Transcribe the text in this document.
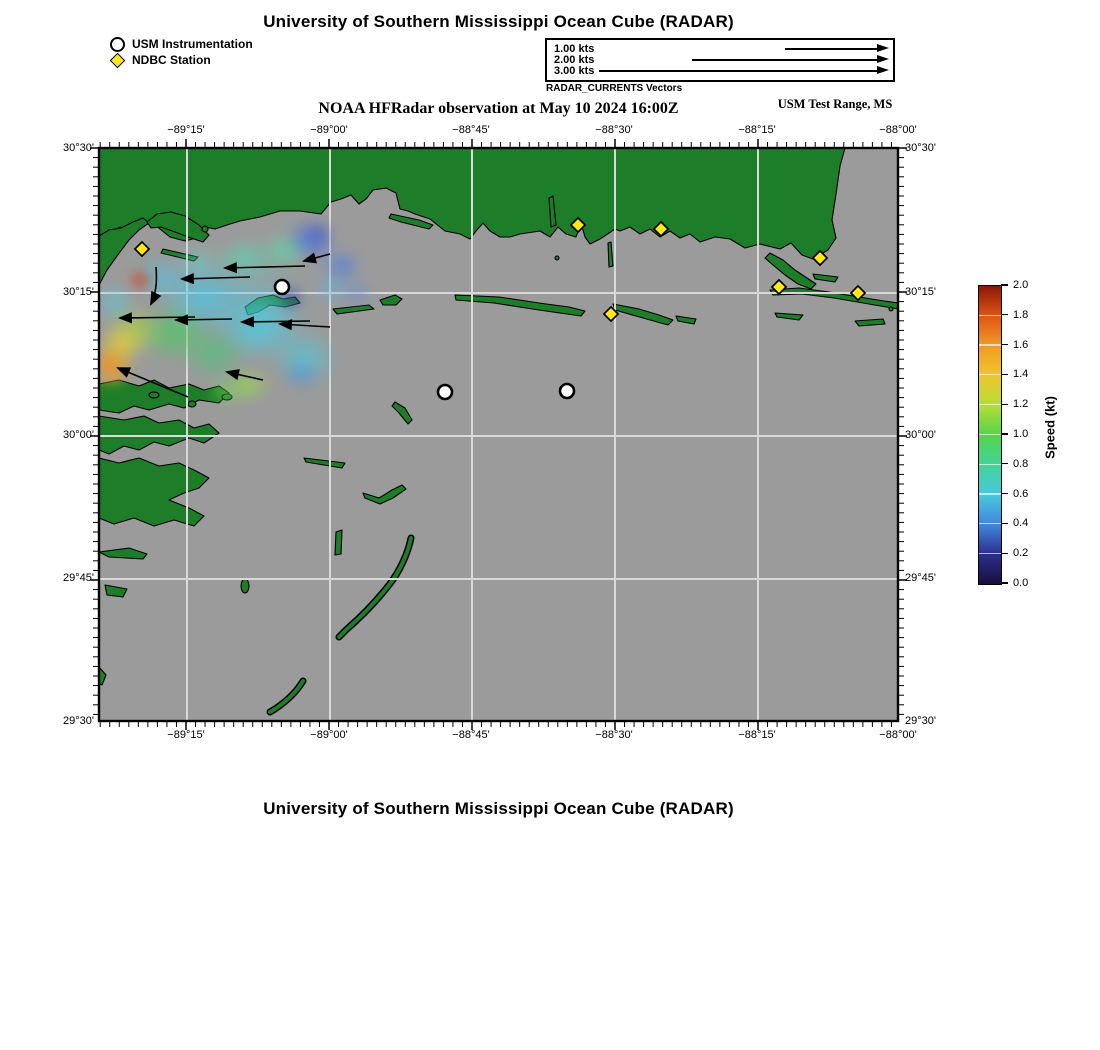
University of Southern Mississippi Ocean Cube (RADAR)
USM Instrumentation
NDBC Station
1.00 kts
2.00 kts
3.00 kts
RADAR_CURRENTS Vectors
USM Test Range, MS
NOAA HFRadar observation at May 10 2024 16:00Z
−89°15'	−89°00'	−88°45'	−88°30'	−88°15'	−88°00'
−89°15'	−89°00'	−88°45'	−88°30'	−88°15'	−88°00'
30°30'
30°15'
30°00'
29°45'
29°30'
30°30'
30°15'
30°00'
29°45'
29°30'
2.0
1.8
1.6
1.4
1.2
1.0
0.8
0.6
0.4
0.2
0.0
Speed (kt)
University of Southern Mississippi Ocean Cube (RADAR)
